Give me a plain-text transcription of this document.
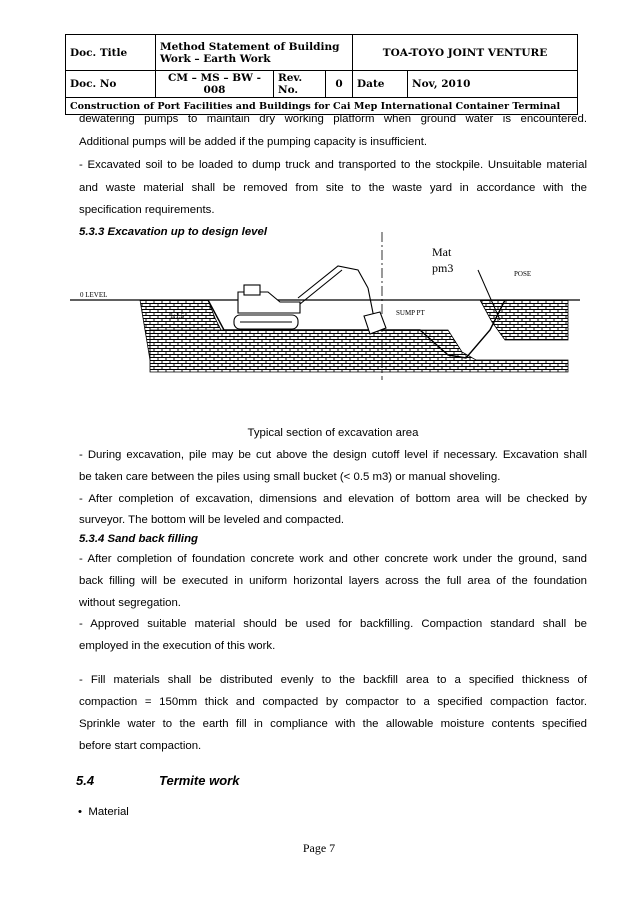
Doc. Title	Method Statement of Building Work – Earth Work			TOA-TOYO JOINT VENTURE	
Doc. No	CM – MS – BW - 008	Rev. No.	0	Date	Nov, 2010
Construction of Port Facilities and Buildings for Cai Mep International Container Terminal					
dewatering pumps to maintain dry working platform when ground water is encountered.
Additional pumps will be added if the pumping capacity is insufficient.
- Excavated soil to be loaded to dump truck and transported to the stockpile. Unsuitable material
and waste material shall be removed from site to the waste yard in accordance with the
specification requirements.
5.3.3 Excavation up to design level
Mat
pm3
0 LEVEL
1:1.5	SUMP PT
POSE
Typical section of excavation area
- During excavation, pile may be cut above the design cutoff level if necessary. Excavation shall
be taken care between the piles using small bucket (< 0.5 m3) or manual shoveling.
- After completion of excavation, dimensions and elevation of bottom area will be checked by
surveyor. The bottom will be leveled and compacted.
5.3.4 Sand back filling
- After completion of foundation concrete work and other concrete work under the ground, sand
back filling will be executed in uniform horizontal layers across the full area of the foundation
without segregation.
- Approved suitable material should be used for backfilling. Compaction standard shall be
employed in the execution of this work.
- Fill materials shall be distributed evenly to the backfill area to a specified thickness of
compaction = 150mm thick and compacted by compactor to a specified compaction factor.
Sprinkle water to the earth fill in compliance with the allowable moisture contents specified
before start compaction.
5.4	Termite work
•  Material
Page 7
